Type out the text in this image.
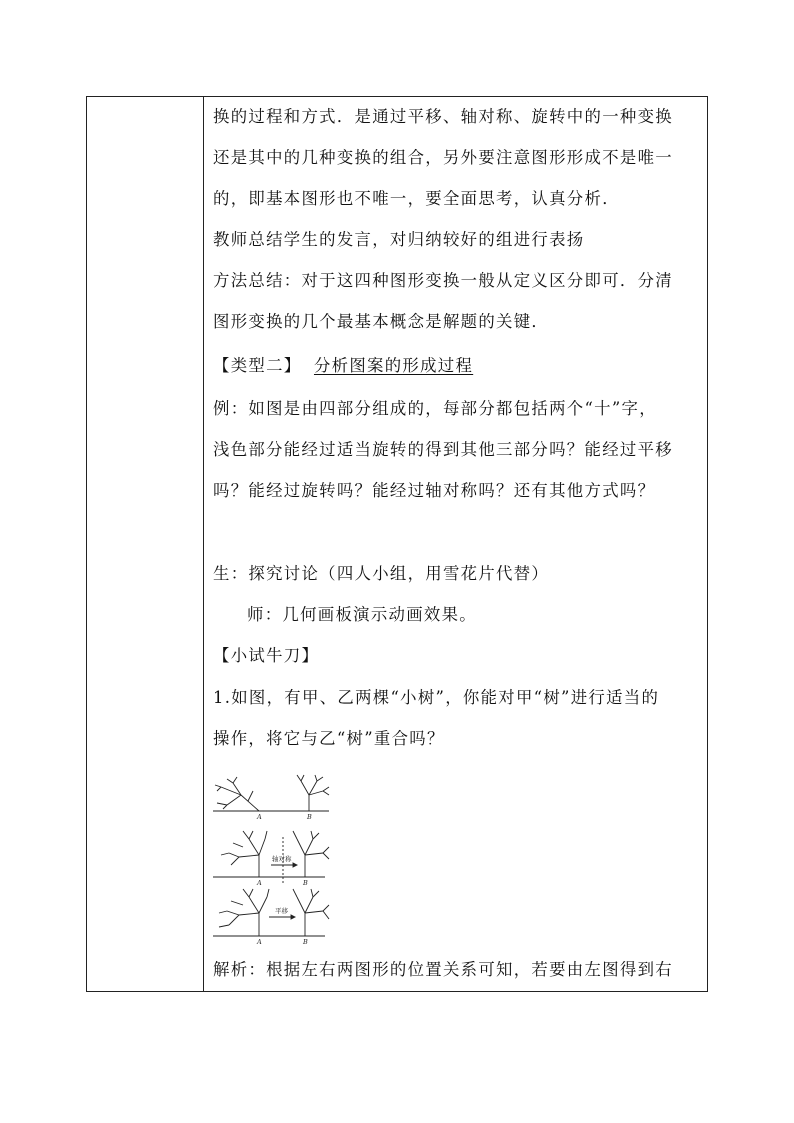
换的过程和方式．是通过平移、轴对称、旋转中的一种变换
还是其中的几种变换的组合，另外要注意图形形成不是唯一
的，即基本图形也不唯一，要全面思考，认真分析．
教师总结学生的发言，对归纳较好的组进行表扬
方法总结：对于这四种图形变换一般从定义区分即可．分清
图形变换的几个最基本概念是解题的关键．
【类型二】 分析图案的形成过程
例：如图是由四部分组成的，每部分都包括两个“十”字，
浅色部分能经过适当旋转的得到其他三部分吗？能经过平移
吗？能经过旋转吗？能经过轴对称吗？还有其他方式吗？
生：探究讨论（四人小组，用雪花片代替）
师：几何画板演示动画效果。
【小试牛刀】
1.如图，有甲、乙两棵“小树”，你能对甲“树”进行适当的
操作，将它与乙“树”重合吗？
A	B
A	B
A	B
轴对称
平移
解析：根据左右两图形的位置关系可知，若要由左图得到右
